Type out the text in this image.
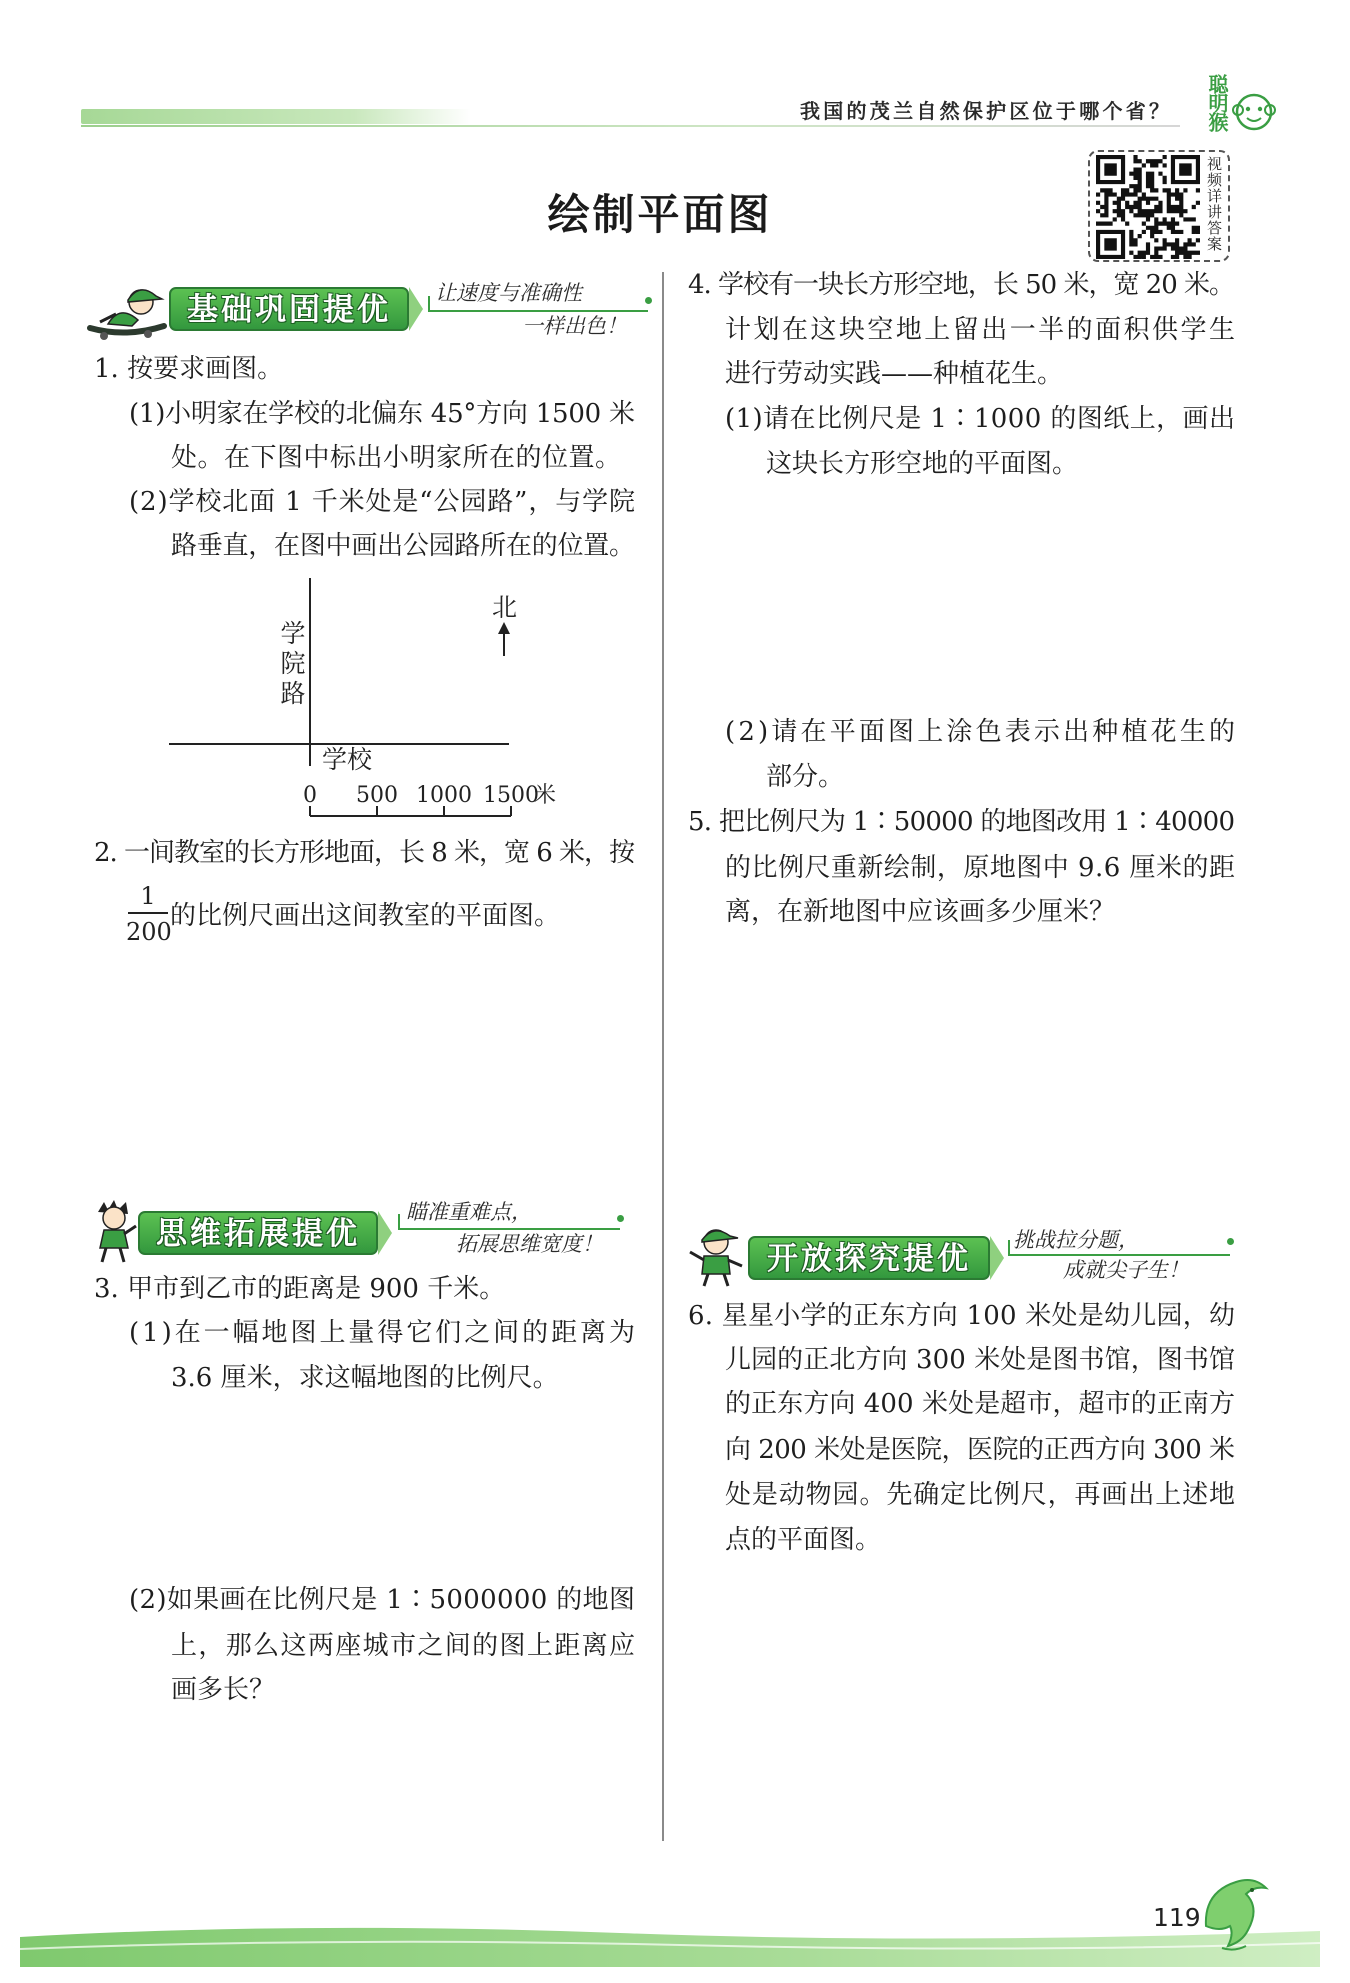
我国的茂兰自然保护区位于哪个省？ 聪明猴
绘制平面图	视频详讲答案
基础巩固提优	让速度与准确性
一样出色！
1. 按要求画图。
(1)小明家在学校的北偏东 45°方向 1500 米
处。在下图中标出小明家所在的位置。
(2)学校北面 1 千米处是“公园路”，与学院
路垂直，在图中画出公园路所在的位置。
学院路
北
学校
0	500 1000 1500
米
2. 一间教室的长方形地面，长 8 米，宽 6 米，按
1
200
的比例尺画出这间教室的平面图。
思维拓展提优
瞄准重难点，
拓展思维宽度！
3. 甲市到乙市的距离是 900 千米。
(1)在一幅地图上量得它们之间的距离为
3.6 厘米，求这幅地图的比例尺。
(2)如果画在比例尺是 1∶5000000 的地图
上，那么这两座城市之间的图上距离应
画多长？
4. 学校有一块长方形空地，长 50 米，宽 20 米。
计划在这块空地上留出一半的面积供学生
进行劳动实践——种植花生。
(1)请在比例尺是 1∶1000 的图纸上，画出
这块长方形空地的平面图。
(2)请在平面图上涂色表示出种植花生的
部分。
5. 把比例尺为 1∶50000 的地图改用 1∶40000
的比例尺重新绘制，原地图中 9.6 厘米的距
离，在新地图中应该画多少厘米？
开放探究提优
挑战拉分题，
成就尖子生！
6. 星星小学的正东方向 100 米处是幼儿园，幼
儿园的正北方向 300 米处是图书馆，图书馆
的正东方向 400 米处是超市，超市的正南方
向 200 米处是医院，医院的正西方向 300 米
处是动物园。先确定比例尺，再画出上述地
点的平面图。
119
